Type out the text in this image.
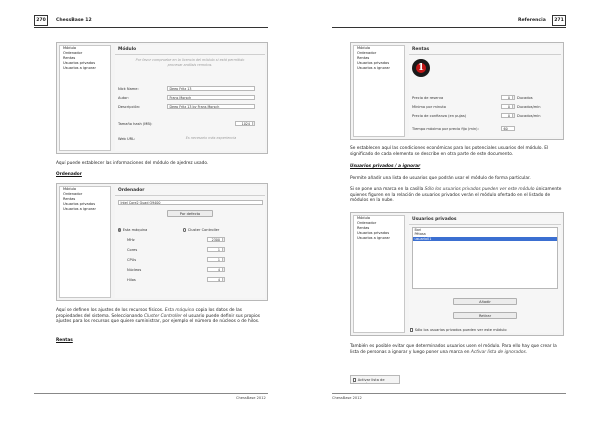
270	ChessBase 12
Módulo
Ordenador
Rentas
Usuarios privados
Usuarios a ignorar
Módulo
Por favor compruebe en la licencia del módulo si está permitido procesar análisis remotos.
Nick Name:	Deep Fritz 13
Autor:	Frans Morsch
Descripción:	Deep Fritz 13 by Frans Morsch
Tamaño hash (MB):	1024
Web URL:	Es necesario más experiencia
Aquí puede establecer las informaciones del módulo de ajedrez usado.
Ordenador
Módulo
Ordenador
Rentas
Usuarios privados
Usuarios a ignorar
Ordenador
Intel Core2 Quad Q9400
Por defecto
Esta máquina	Cluster Controller
MHz	2300
Cores	1
CPUs	1
Núcleos	4
Hilos	4
Aquí se definen los ajustes de los recursos físicos. Esta máquina copia los datos de las propiedades del sistema. Seleccionando Cluster Controller el usuario puede definir sus propios ajustes para los recursos que quiere suministrar, por ejemplo el número de núcleos o de hilos.
Rentas
ChessBase 2012
Referencia	271
Módulo
Ordenador
Rentas
Usuarios privados
Usuarios a ignorar
Rentas
1
Precio de reserva	0	Ducados
Mínimo por minuto	0	Ducados/min
Precio de confianza (en pujas)	0	Ducados/min
Tiempo máximo por precio fijo (min):	60
Se establecen aquí las condiciones económicas para los potenciales usuarios del módulo. El significado de cada elemento se describe en otra parte de este documento.
Usuarios privados / a ignorar
Permite añadir una lista de usuarios que podrán usar el módulo de forma particular.
Si se pone una marca en la casilla Sólo los usuarios privados pueden ver este módulo únicamente quienes figuren en la relación de usuarios privados verán el módulo ofertado en el listado de módulos en la nube.
Módulo
Ordenador
Rentas
Usuarios privados
Usuarios a ignorar
Usuarios privados
Bari
Pétasa
usuario01
Añadir
Retirar
Sólo los usuarios privados pueden ver este módulo
También es posible evitar que determinados usuarios usen el módulo. Para ello hay que crear la lista de personas a ignorar y luego poner una marca en Activar lista de ignorados.
Activar lista de ignorados
ChessBase 2012
